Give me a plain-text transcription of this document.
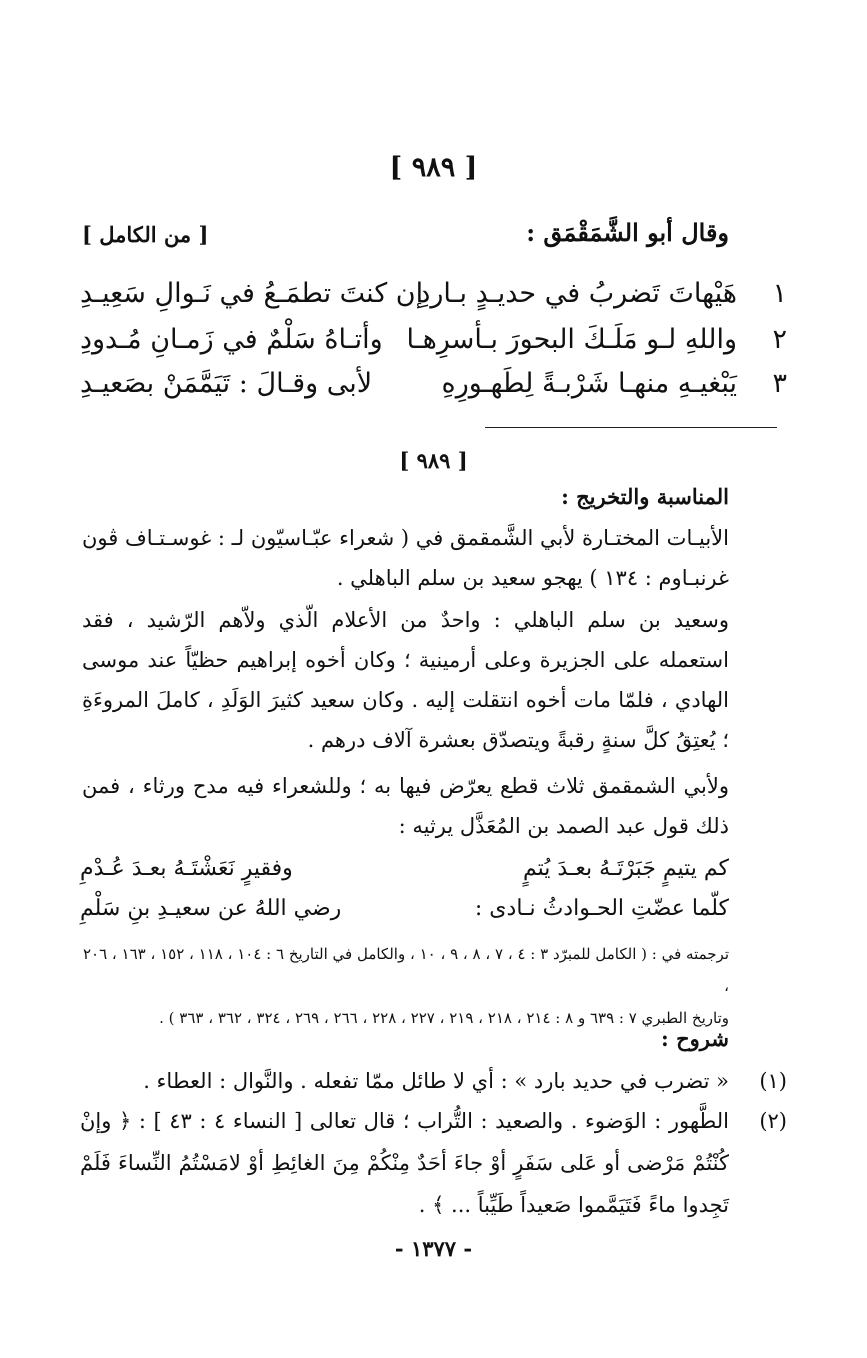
[ ٩٨٩ ]
وقال أبو الشَّمَقْمَق :
[ من الكامل ]
١
هَيْهاتَ تَضربُ في حديـدٍ بـاردِ
إن كنتَ تطمَـعُ في نَـوالِ سَعِيـدِ
٢
واللهِ لـو مَلَـكَ البحورَ بـأسرِهـا
وأتـاهُ سَلْمٌ في زَمـانِ مُـدودِ
٣
يَبْغيـهِ منهـا شَرْبـةً لِطَهـورِهِ
لأبى وقـالَ : تَيَمَّمَنْ بصَعيـدِ
[ ٩٨٩ ]
المناسبة والتخريج :
الأبيـات المختـارة لأبي الشَّمقمق في ( شعراء عبّـاسيّون لـ : غوسـتـاف ڤون غرنبـاوم : ١٣٤ ) يهجو سعيد بن سلم الباهلي .
وسعيد بن سلم الباهلي : واحدٌ من الأعلام الّذي ولاّهم الرّشيد ، فقد استعمله على الجزيرة وعلى أرمينية ؛ وكان أخوه إبراهيم حظيّاً عند موسى الهادي ، فلمّا مات أخوه انتقلت إليه . وكان سعيد كثيرَ الوَلَدِ ، كاملَ المروءَةِ ؛ يُعتِقُ كلَّ سنةٍ رقبةً ويتصدّق بعشرة آلاف درهم .
ولأبي الشمقمق ثلاث قطع يعرّض فيها به ؛ وللشعراء فيه مدح ورثاء ، فمن ذلك قول عبد الصمد بن المُعَذَّل يرثيه :
كم يتيمٍ جَبَرْتَـهُ بعـدَ يُتمٍ
وفقيرٍ نَعَشْتَـهُ بعـدَ عُـدْمِ
كلّما عضّتِ الحـوادثُ نـادى :
رضي اللهُ عن سعيـدِ بنِ سَلْمِ
ترجمته في : ( الكامل للمبرّد ٣ : ٤ ، ٧ ، ٨ ، ٩ ، ١٠ ، والكامل في التاريخ ٦ : ١٠٤ ، ١١٨ ، ١٥٢ ، ١٦٣ ، ٢٠٦ ،
وتاريخ الطبري ٧ : ٦٣٩ و ٨ : ٢١٤ ، ٢١٨ ، ٢١٩ ، ٢٢٧ ، ٢٢٨ ، ٢٦٦ ، ٢٦٩ ، ٣٢٤ ، ٣٦٢ ، ٣٦٣ ) .
شروح :
(١)
« تضرب في حديد بارد » : أي لا طائل ممّا تفعله . والنَّوال : العطاء .
(٢)
الطَّهور : الوَضوء . والصعيد : التُّراب ؛ قال تعالى [ النساء ٤ : ٤٣ ] : ﴿ وإنْ كُنْتُمْ مَرْضى أو عَلى سَفَرٍ أوْ جاءَ أحَدٌ مِنْكُمْ مِنَ الغائِطِ أوْ لامَسْتُمُ النِّساءَ فَلَمْ تَجِدوا ماءً فَتَيَمَّموا صَعيداً طَيِّباً ... ﴾ .
- ١٣٧٧ -
